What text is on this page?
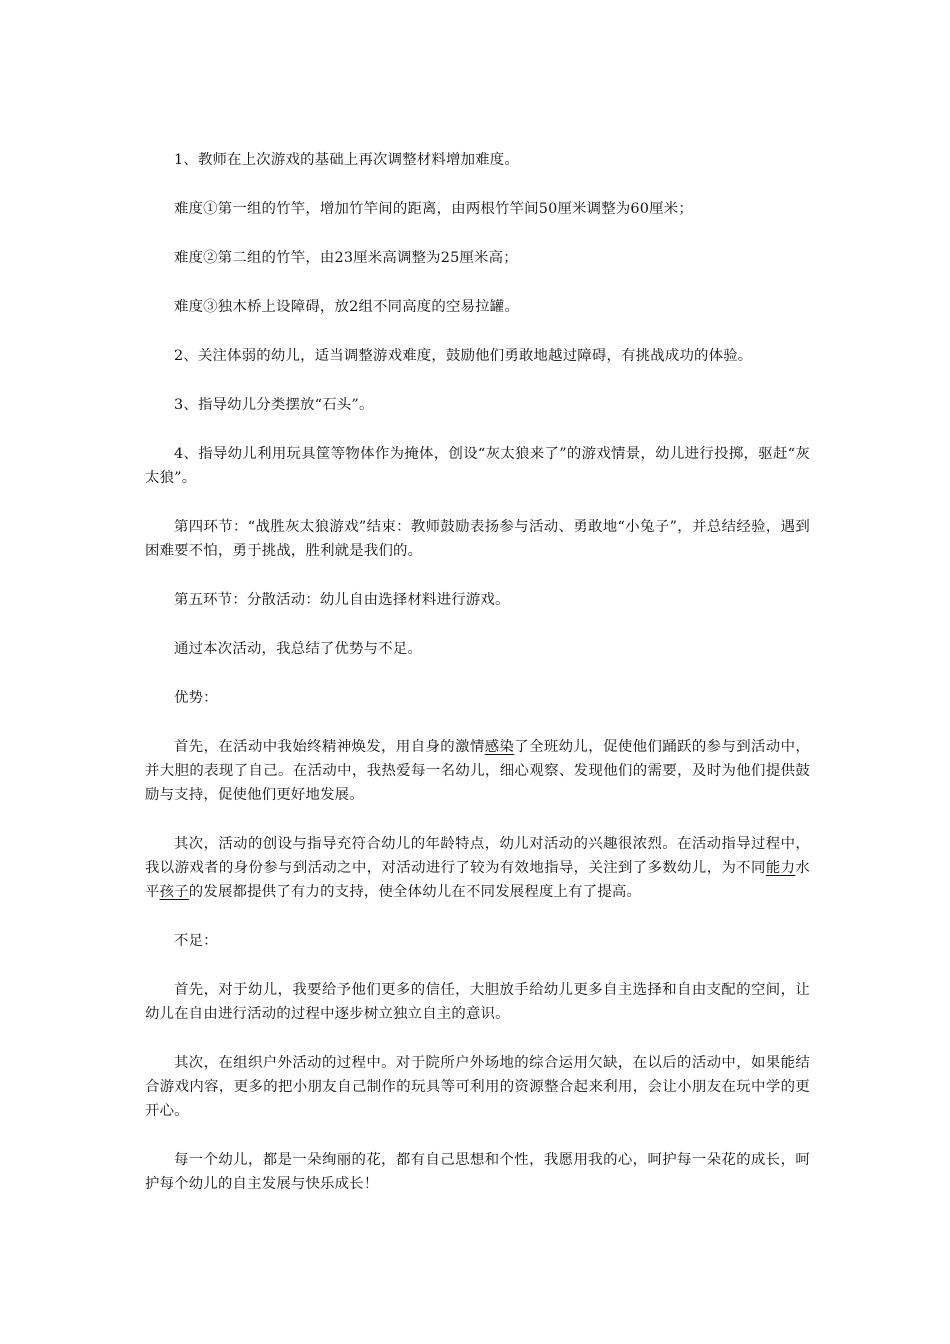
1、教师在上次游戏的基础上再次调整材料增加难度。

难度①第一组的竹竿，增加竹竿间的距离，由两根竹竿间50厘米调整为60厘米；

难度②第二组的竹竿，由23厘米高调整为25厘米高；

难度③独木桥上设障碍，放2组不同高度的空易拉罐。

2、关注体弱的幼儿，适当调整游戏难度，鼓励他们勇敢地越过障碍，有挑战成功的体验。

3、指导幼儿分类摆放“石头”。

4、指导幼儿利用玩具筐等物体作为掩体，创设“灰太狼来了”的游戏情景，幼儿进行投掷，驱赶“灰太狼”。

第四环节：“战胜灰太狼游戏”结束：教师鼓励表扬参与活动、勇敢地“小兔子”，并总结经验，遇到困难要不怕，勇于挑战，胜利就是我们的。

第五环节：分散活动：幼儿自由选择材料进行游戏。

通过本次活动，我总结了优势与不足。

优势：

首先，在活动中我始终精神焕发，用自身的激情感染了全班幼儿，促使他们踊跃的参与到活动中，并大胆的表现了自己。在活动中，我热爱每一名幼儿，细心观察、发现他们的需要，及时为他们提供鼓励与支持，促使他们更好地发展。

其次，活动的创设与指导充符合幼儿的年龄特点，幼儿对活动的兴趣很浓烈。在活动指导过程中，我以游戏者的身份参与到活动之中，对活动进行了较为有效地指导，关注到了多数幼儿，为不同能力水平孩子的发展都提供了有力的支持，使全体幼儿在不同发展程度上有了提高。

不足：

首先，对于幼儿，我要给予他们更多的信任，大胆放手给幼儿更多自主选择和自由支配的空间，让幼儿在自由进行活动的过程中逐步树立独立自主的意识。

其次，在组织户外活动的过程中。对于院所户外场地的综合运用欠缺，在以后的活动中，如果能结合游戏内容，更多的把小朋友自己制作的玩具等可利用的资源整合起来利用，会让小朋友在玩中学的更开心。

每一个幼儿，都是一朵绚丽的花，都有自己思想和个性，我愿用我的心，呵护每一朵花的成长，呵护每个幼儿的自主发展与快乐成长！
